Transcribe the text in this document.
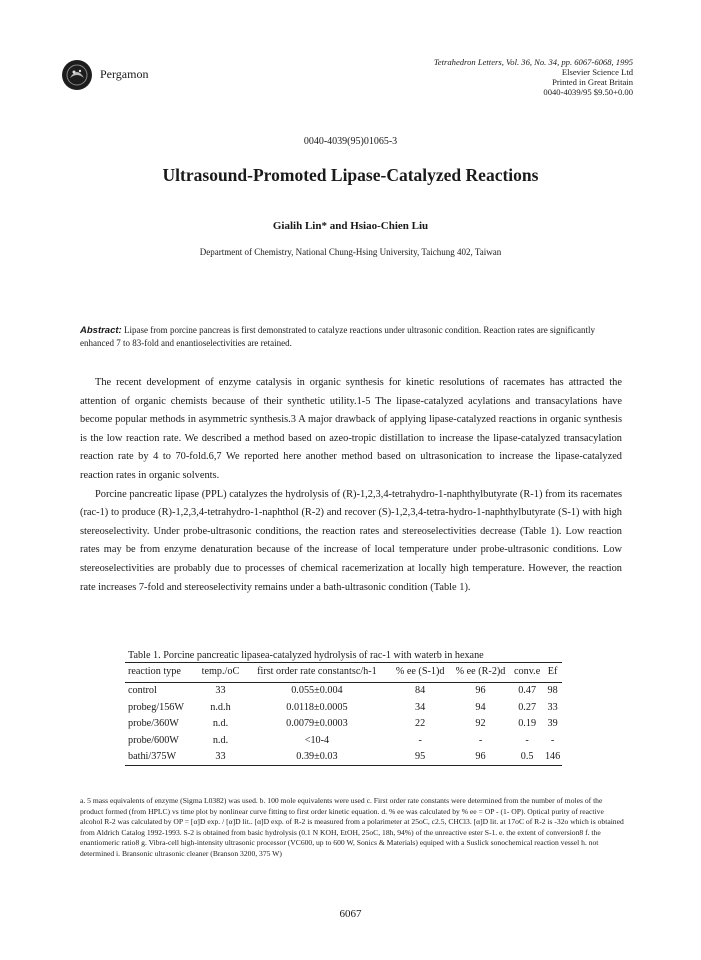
Pergamon
Tetrahedron Letters, Vol. 36, No. 34, pp. 6067-6068, 1995
Elsevier Science Ltd
Printed in Great Britain
0040-4039/95 $9.50+0.00
0040-4039(95)01065-3
Ultrasound-Promoted Lipase-Catalyzed Reactions
Gialih Lin* and Hsiao-Chien Liu
Department of Chemistry, National Chung-Hsing University, Taichung 402, Taiwan
Abstract: Lipase from porcine pancreas is first demonstrated to catalyze reactions under ultrasonic condition. Reaction rates are significantly enhanced 7 to 83-fold and enantioselectivities are retained.

The recent development of enzyme catalysis in organic synthesis for kinetic resolutions of racemates has attracted the attention of organic chemists because of their synthetic utility.1-5 The lipase-catalyzed acylations and transacylations have become popular methods in asymmetric synthesis.3 A major drawback of applying lipase-catalyzed reactions in organic synthesis is the low reaction rate. We described a method based on azeo-tropic distillation to increase the lipase-catalyzed transacylation reaction rate by 4 to 70-fold.6,7 We reported here another method based on ultrasonication to increase the lipase-catalyzed reaction rates in organic solvents.

Porcine pancreatic lipase (PPL) catalyzes the hydrolysis of (R)-1,2,3,4-tetrahydro-1-naphthylbutyrate (R-1) from its racemates (rac-1) to produce (R)-1,2,3,4-tetrahydro-1-naphthol (R-2) and recover (S)-1,2,3,4-tetra-hydro-1-naphthylbutyrate (S-1) with high stereoselectivity. Under probe-ultrasonic conditions, the reaction rates and stereoselectivities decrease (Table 1). Low reaction rates may be from enzyme denaturation because of the increase of local temperature under probe-ultrasonic conditions. Low stereoselectivities are probably due to processes of chemical racemerization at locally high temperature. However, the reaction rate increases 7-fold and stereoselectivity remains under a bath-ultrasonic condition (Table 1).

Table 1. Porcine pancreatic lipasea-catalyzed hydrolysis of rac-1 with waterb in hexane
reaction type	temp./oC	first order rate constantsc/h-1	% ee (S-1)d	% ee (R-2)d	conv.e	Ef

control	33	0.055±0.004	84	96	0.47	98
probeg/156W	n.d.h	0.0118±0.0005	34	94	0.27	33
probe/360W	n.d.	0.0079±0.0003	22	92	0.19	39
probe/600W	n.d.	<10-4	-	-	-	-
bathi/375W	33	0.39±0.03	95	96	0.5	146
a. 5 mass equivalents of enzyme (Sigma L0382) was used. b. 100 mole equivalents were used c. First order rate constants were determined from the number of moles of the product formed (from HPLC) vs time plot by nonlinear curve fitting to first order kinetic equation. d. % ee was calculated by % ee = OP - (1- OP). Optical purity of reactive alcohol R-2 was calculated by OP = [α]D exp. / [α]D lit.. [α]D exp. of R-2 is measured from a polarimeter at 25oC, c2.5, CHCl3. [α]D lit. at 17oC of R-2 is -32o which is obtained from Aldrich Catalog 1992-1993. S-2 is obtained from basic hydrolysis (0.1 N KOH, EtOH, 25oC, 18h, 94%) of the unreactive ester S-1. e. the extent of conversion8 f. the enantiomeric ratio8 g. Vibra-cell high-intensity ultrasonic processor (VC600, up to 600 W, Sonics & Materials) equiped with a Suslick sonochemical reaction vessel h. not determined i. Bransonic ultrasonic cleaner (Branson 3200, 375 W)
6067
